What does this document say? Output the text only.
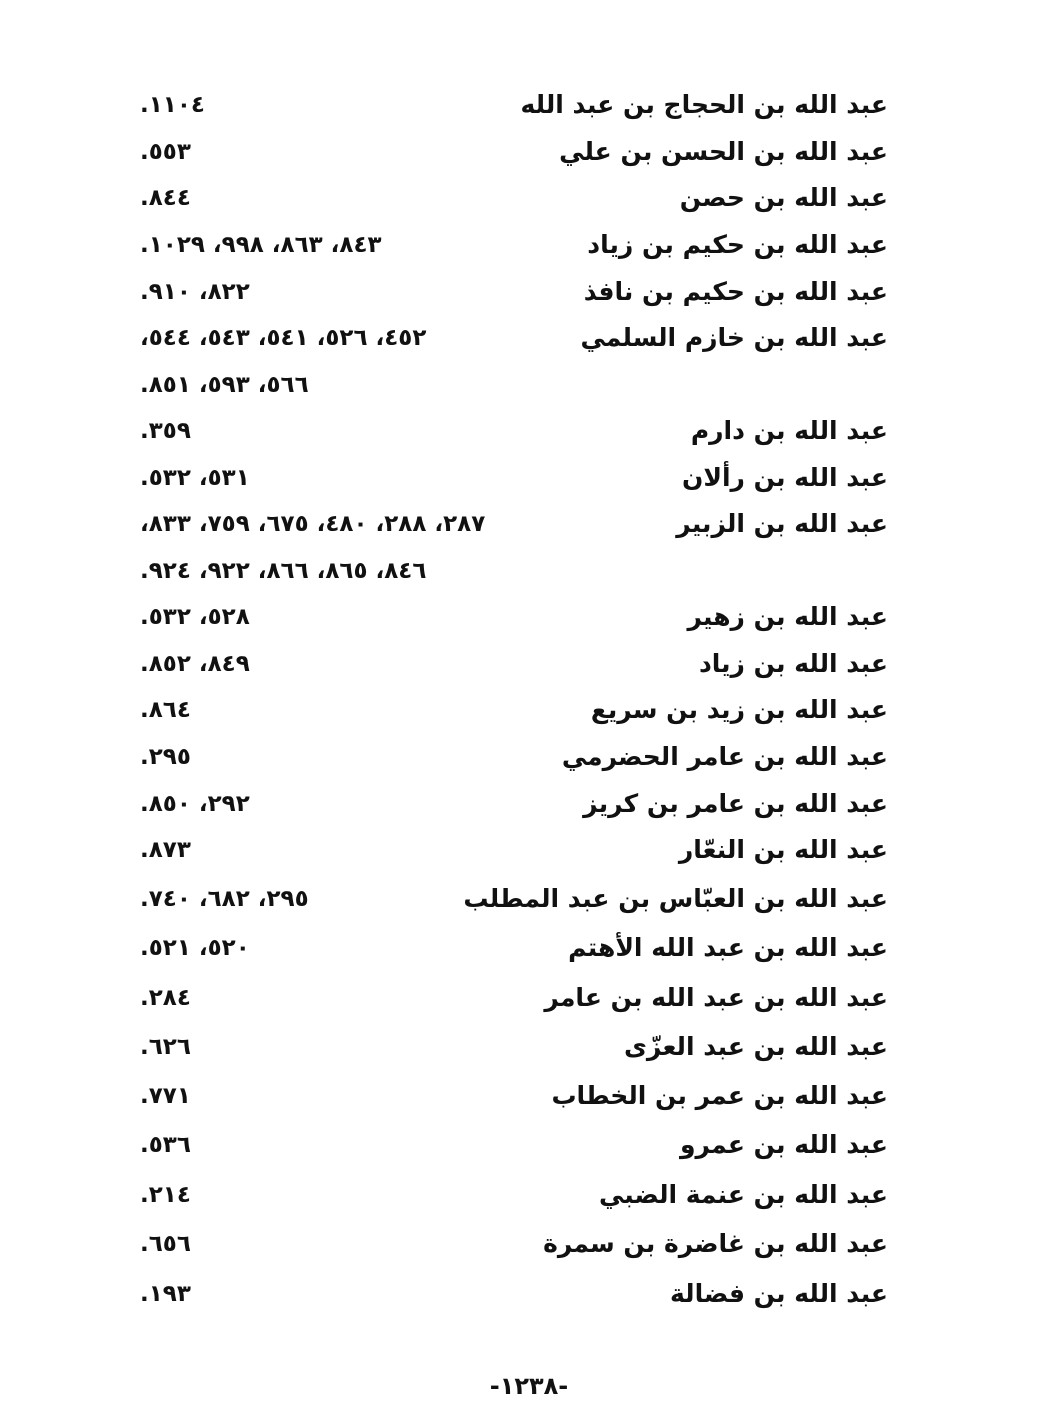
عبد الله بن الحجاج بن عبد الله
١١٠٤.
عبد الله بن الحسن بن علي
٥٥٣.
عبد الله بن حصن
٨٤٤.
عبد الله بن حكيم بن زياد
٨٤٣، ٨٦٣، ٩٩٨، ١٠٢٩.
عبد الله بن حكيم بن نافذ
٨٢٢، ٩١٠.
عبد الله بن خازم السلمي
٤٥٢، ٥٢٦، ٥٤١، ٥٤٣، ٥٤٤،
٥٦٦، ٥٩٣، ٨٥١.
عبد الله بن دارم
٣٥٩.
عبد الله بن رألان
٥٣١، ٥٣٢.
عبد الله بن الزبير
٢٨٧، ٢٨٨، ٤٨٠، ٦٧٥، ٧٥٩، ٨٣٣،
٨٤٦، ٨٦٥، ٨٦٦، ٩٢٢، ٩٢٤.
عبد الله بن زهير
٥٢٨، ٥٣٢.
عبد الله بن زياد
٨٤٩، ٨٥٢.
عبد الله بن زيد بن سريع
٨٦٤.
عبد الله بن عامر الحضرمي
٢٩٥.
عبد الله بن عامر بن كريز
٢٩٢، ٨٥٠.
عبد الله بن النعّار
٨٧٣.
عبد الله بن العبّاس بن عبد المطلب
٢٩٥، ٦٨٢، ٧٤٠.
عبد الله بن عبد الله الأهتم
٥٢٠، ٥٢١.
عبد الله بن عبد الله بن عامر
٢٨٤.
عبد الله بن عبد العزّى
٦٢٦.
عبد الله بن عمر بن الخطاب
٧٧١.
عبد الله بن عمرو
٥٣٦.
عبد الله بن عنمة الضبي
٢١٤.
عبد الله بن غاضرة بن سمرة
٦٥٦.
عبد الله بن فضالة
١٩٣.
-١٢٣٨-
